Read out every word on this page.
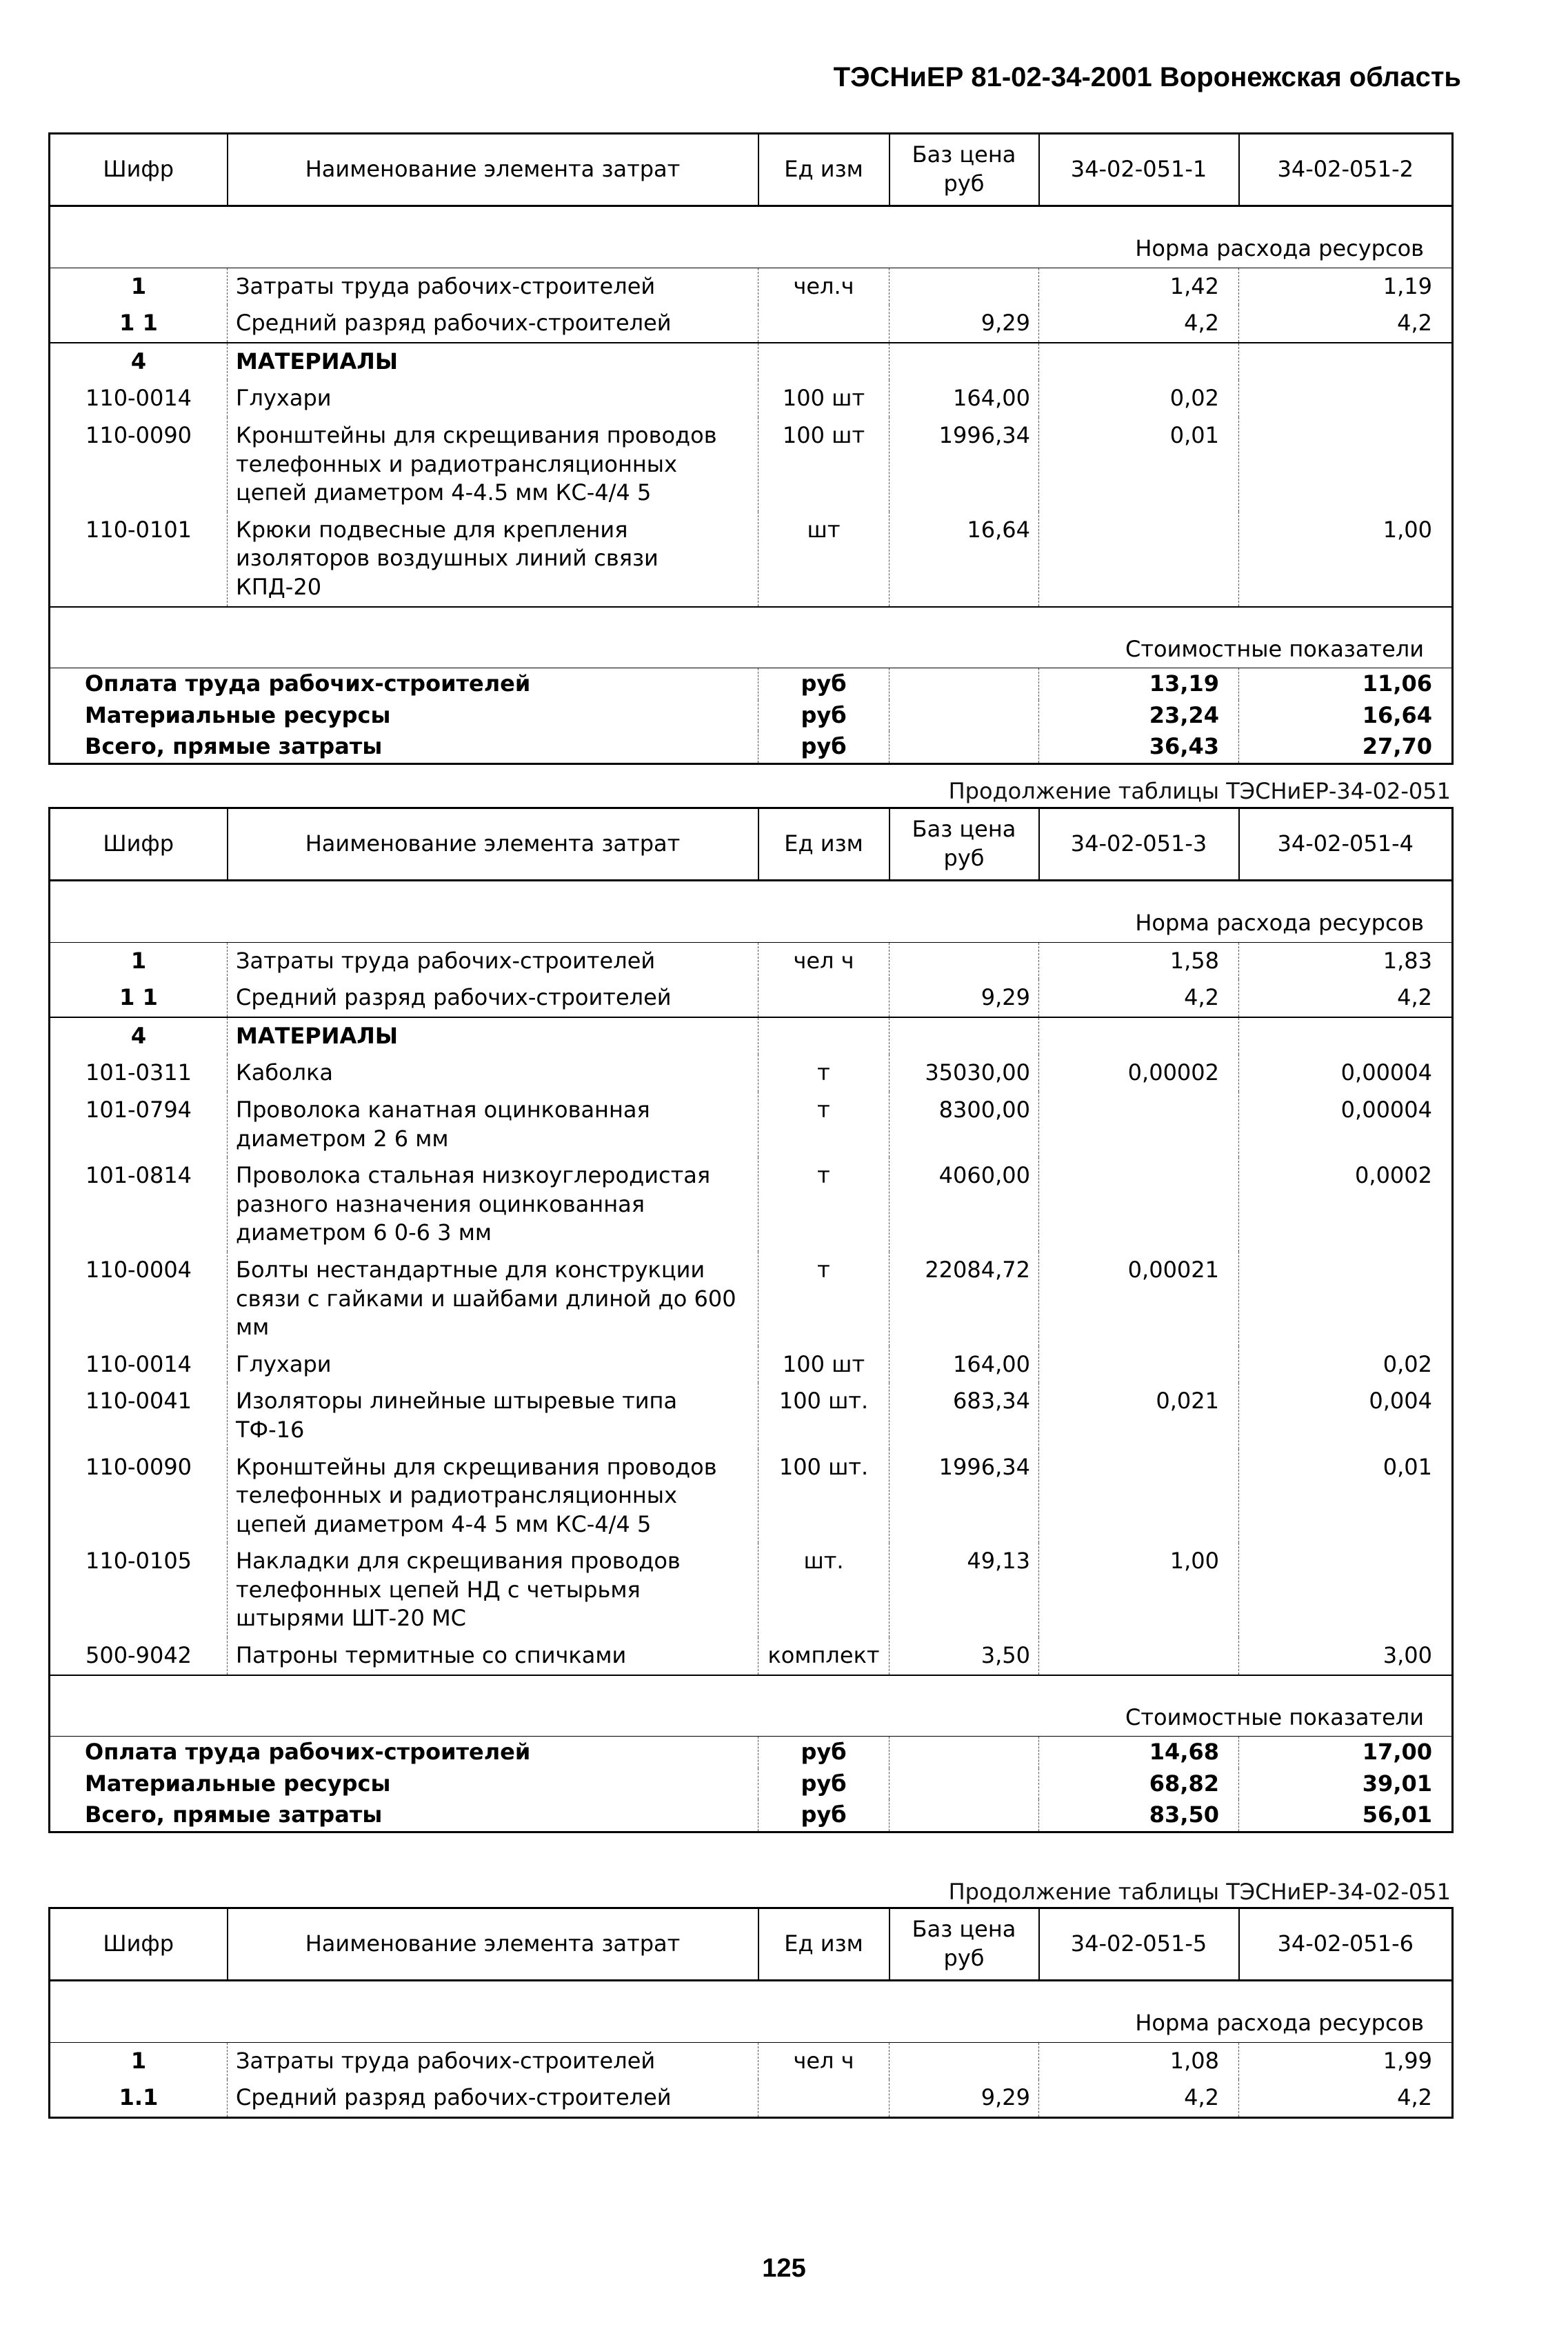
ТЭСНиЕР 81-02-34-2001 Воронежская область
Продолжение таблицы ТЭСНиЕР-34-02-051
Продолжение таблицы ТЭСНиЕР-34-02-051
Шифр	Наименование элемента затрат	Ед изм	Баз цена руб	34-02-051-1	34-02-051-2
Норма расхода ресурсов					
1	Затраты труда рабочих-строителей	чел.ч		1,42	1,19
1 1	Средний разряд рабочих-строителей		9,29	4,2	4,2
4	МАТЕРИАЛЫ				
110-0014	Глухари	100 шт	164,00	0,02	
110-0090	Кронштейны для скрещивания проводов телефонных и радиотрансляционных цепей диаметром 4-4.5 мм КС-4/4 5	100 шт	1996,34	0,01	
110-0101	Крюки подвесные для крепления изоляторов воздушных линий связи КПД-20	шт	16,64		1,00
Стоимостные показатели					
Оплата труда рабочих-строителей		руб		13,19	11,06
Материальные ресурсы		руб		23,24	16,64
Всего, прямые затраты		руб		36,43	27,70
Шифр	Наименование элемента затрат	Ед изм	Баз цена руб	34-02-051-3	34-02-051-4
Норма расхода ресурсов					
1	Затраты труда рабочих-строителей	чел ч		1,58	1,83
1 1	Средний разряд рабочих-строителей		9,29	4,2	4,2
4	МАТЕРИАЛЫ				
101-0311	Каболка	т	35030,00	0,00002	0,00004
101-0794	Проволока канатная оцинкованная диаметром 2 6 мм	т	8300,00		0,00004
101-0814	Проволока стальная низкоуглеродистая разного назначения оцинкованная диаметром 6 0-6 3 мм	т	4060,00		0,0002
110-0004	Болты нестандартные для конструкции связи с гайками и шайбами длиной до 600 мм	т	22084,72	0,00021	
110-0014	Глухари	100 шт	164,00		0,02
110-0041	Изоляторы линейные штыревые типа ТФ-16	100 шт.	683,34	0,021	0,004
110-0090	Кронштейны для скрещивания проводов телефонных и радиотрансляционных цепей диаметром 4-4 5 мм КС-4/4 5	100 шт.	1996,34		0,01
110-0105	Накладки для скрещивания проводов телефонных цепей НД с четырьмя штырями ШТ-20 МС	шт.	49,13	1,00	
500-9042	Патроны термитные со спичками	комплект	3,50		3,00
Стоимостные показатели					
Оплата труда рабочих-строителей		руб		14,68	17,00
Материальные ресурсы		руб		68,82	39,01
Всего, прямые затраты		руб		83,50	56,01
Шифр	Наименование элемента затрат	Ед изм	Баз цена руб	34-02-051-5	34-02-051-6
Норма расхода ресурсов					
1	Затраты труда рабочих-строителей	чел ч		1,08	1,99
1.1	Средний разряд рабочих-строителей		9,29	4,2	4,2
125
